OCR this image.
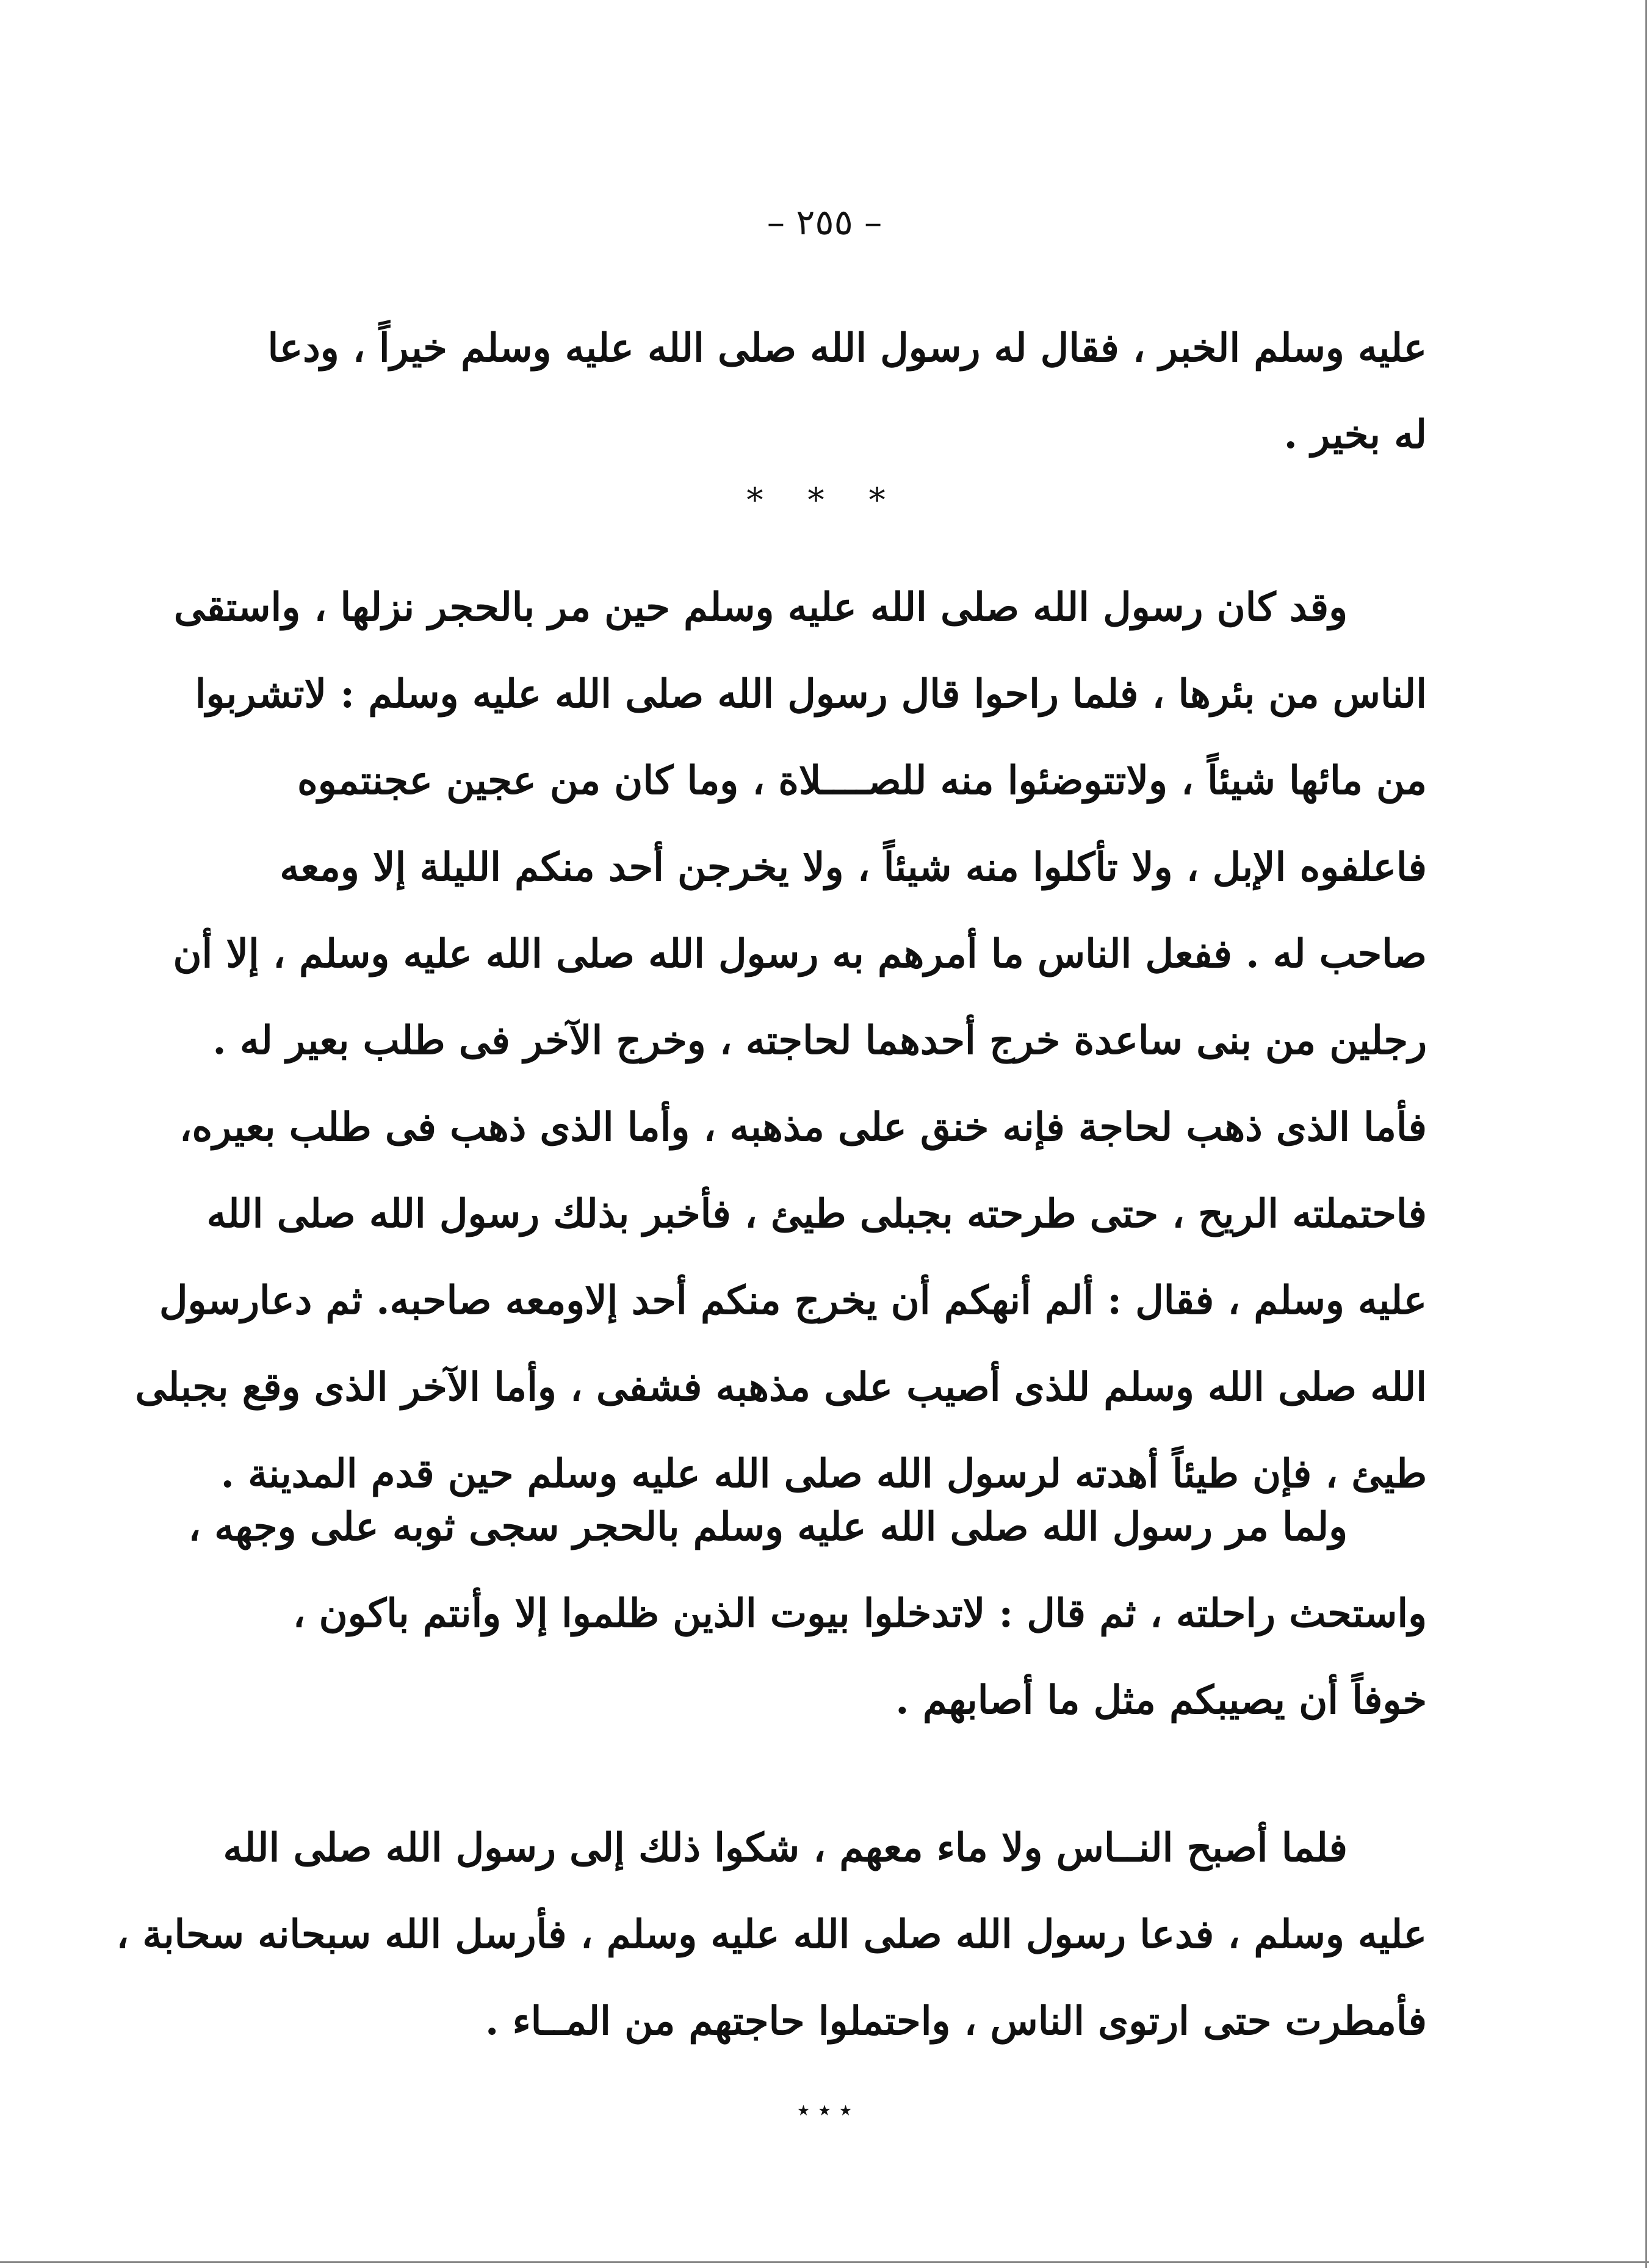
– ٢٥٥ –
عليه وسلم الخبر ، فقال له رسول الله صلى الله عليه وسلم خيراً ، ودعا
له بخير .
* * *
وقد كان رسول الله صلى الله عليه وسلم حين مر بالحجر نزلها ، واستقى
الناس من بئرها ، فلما راحوا قال رسول الله صلى الله عليه وسلم : لاتشربوا
من مائها شيئاً ، ولاتتوضئوا منه للصــــلاة ، وما كان من عجين عجنتموه
فاعلفوه الإبل ، ولا تأكلوا منه شيئاً ، ولا يخرجن أحد منكم الليلة إلا ومعه
صاحب له . ففعل الناس ما أمرهم به رسول الله صلى الله عليه وسلم ، إلا أن
رجلين من بنى ساعدة خرج أحدهما لحاجته ، وخرج الآخر فى طلب بعير له .
فأما الذى ذهب لحاجة فإنه خنق على مذهبه ، وأما الذى ذهب فى طلب بعيره،
فاحتملته الريح ، حتى طرحته بجبلى طيئ ، فأخبر بذلك رسول الله صلى الله
عليه وسلم ، فقال : ألم أنهكم أن يخرج منكم أحد إلاومعه صاحبه. ثم دعارسول
الله صلى الله وسلم للذى أصيب على مذهبه فشفى ، وأما الآخر الذى وقع بجبلى
طيئ ، فإن طيئاً أهدته لرسول الله صلى الله عليه وسلم حين قدم المدينة .
ولما مر رسول الله صلى الله عليه وسلم بالحجر سجى ثوبه على وجهه ،
واستحث راحلته ، ثم قال : لاتدخلوا بيوت الذين ظلموا إلا وأنتم باكون ،
خوفاً أن يصيبكم مثل ما أصابهم .
فلما أصبح النــاس ولا ماء معهم ، شكوا ذلك إلى رسول الله صلى الله
عليه وسلم ، فدعا رسول الله صلى الله عليه وسلم ، فأرسل الله سبحانه سحابة ،
فأمطرت حتى ارتوى الناس ، واحتملوا حاجتهم من المــاء .
٭ ٭ ٭
